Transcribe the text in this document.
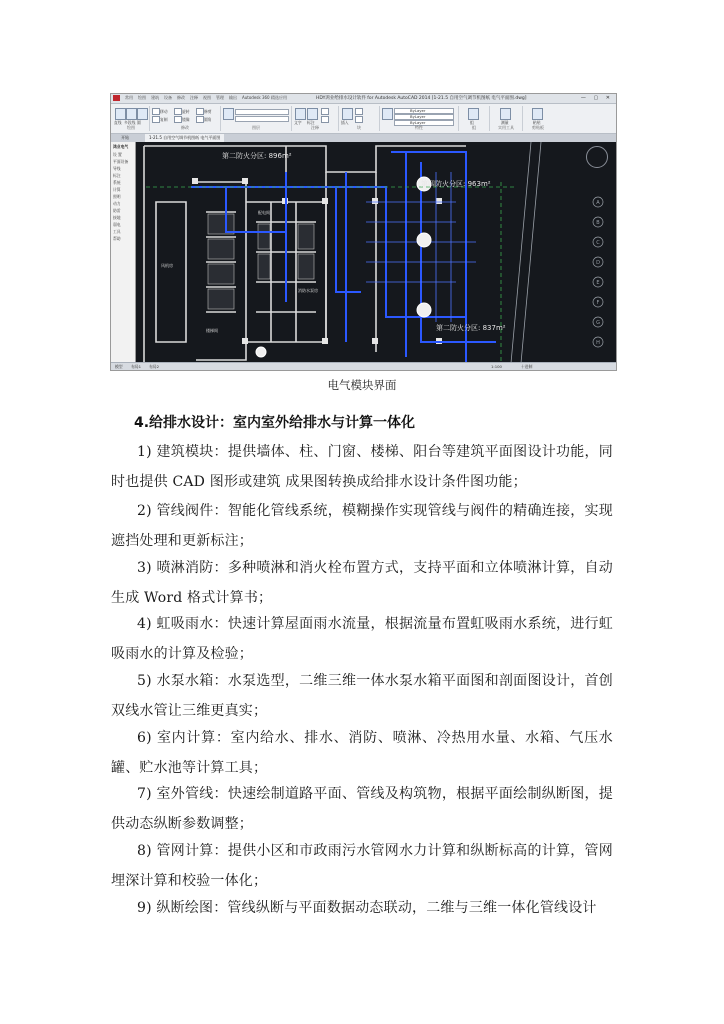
常用 绘图 建筑 设备 修改 注释 视图 管理 输出 Autodesk 360 精选应用	HDY鸿业给排水设计软件 for Autodesk AutoCAD 2014 [1-21.5 自用空气调节机图纸 电气平面图.dwg]	— ▢ ✕
直线 多段线 圆
绘图
移动	旋转	修剪
复制	镜像	圆角
修改	图层
文字 标注
注释
插入
块
ByLayer
ByLayer
ByLayer
特性
组
组
测量
实用工具
粘贴
剪贴板
开始	1-21.5 自用空气调节机图纸 电气平面图
鸿业电气
设 置
平面设备
导线
标注
系统
计算
照明
动力
防雷
接地
弱电
工具
帮助
A
B
C
D
E
F
G
H
第二防火分区: 896m²
第四防火分区: 963m²
第二防火分区: 837m²
风机房
配电间
消防水泵房
楼梯间
模型 布局1 布局2	1:100	十进制
电气模块界面
4.给排水设计：室内室外给排水与计算一体化

1) 建筑模块：提供墙体、柱、门窗、楼梯、阳台等建筑平面图设计功能，同时也提供 CAD 图形或建筑 成果图转换成给排水设计条件图功能；

2) 管线阀件：智能化管线系统，模糊操作实现管线与阀件的精确连接，实现遮挡处理和更新标注；

3) 喷淋消防：多种喷淋和消火栓布置方式，支持平面和立体喷淋计算，自动生成 Word 格式计算书；

4) 虹吸雨水：快速计算屋面雨水流量，根据流量布置虹吸雨水系统，进行虹吸雨水的计算及检验；

5) 水泵水箱：水泵选型，二维三维一体水泵水箱平面图和剖面图设计，首创双线水管让三维更真实；

6) 室内计算：室内给水、排水、消防、喷淋、冷热用水量、水箱、气压水罐、贮水池等计算工具；

7) 室外管线：快速绘制道路平面、管线及构筑物，根据平面绘制纵断图，提供动态纵断参数调整；

8) 管网计算：提供小区和市政雨污水管网水力计算和纵断标高的计算，管网埋深计算和校验一体化；

9) 纵断绘图：管线纵断与平面数据动态联动，二维与三维一体化管线设计
